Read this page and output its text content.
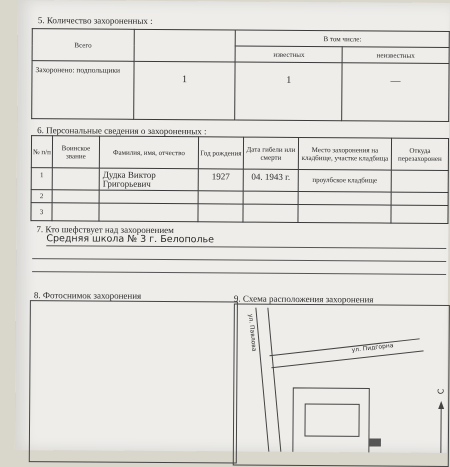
5. Количество захороненных :
Всего		В том числе:	
		известных	неизвестных
Захоронено: подпольщики	1	1	—
6. Персональные сведения о захороненных :
№ п/п	Воинское звание	Фамилия, имя, отчество	Год рождения	Дата гибели или смерти	Место захоронения на кладбище, участке кладбища	Откуда перезахоронен
1		Дудка Виктор Григорьевич	1927	04. 1943 г.	проулбское кладбище	
2						
3						
7. Кто шефствует над захоронением
Средняя школа № 3 г. Белополье
8. Фотоснимок захоронения	9. Схема расположения захоронения
ул. Павлова	ул. Пидгорна
С
